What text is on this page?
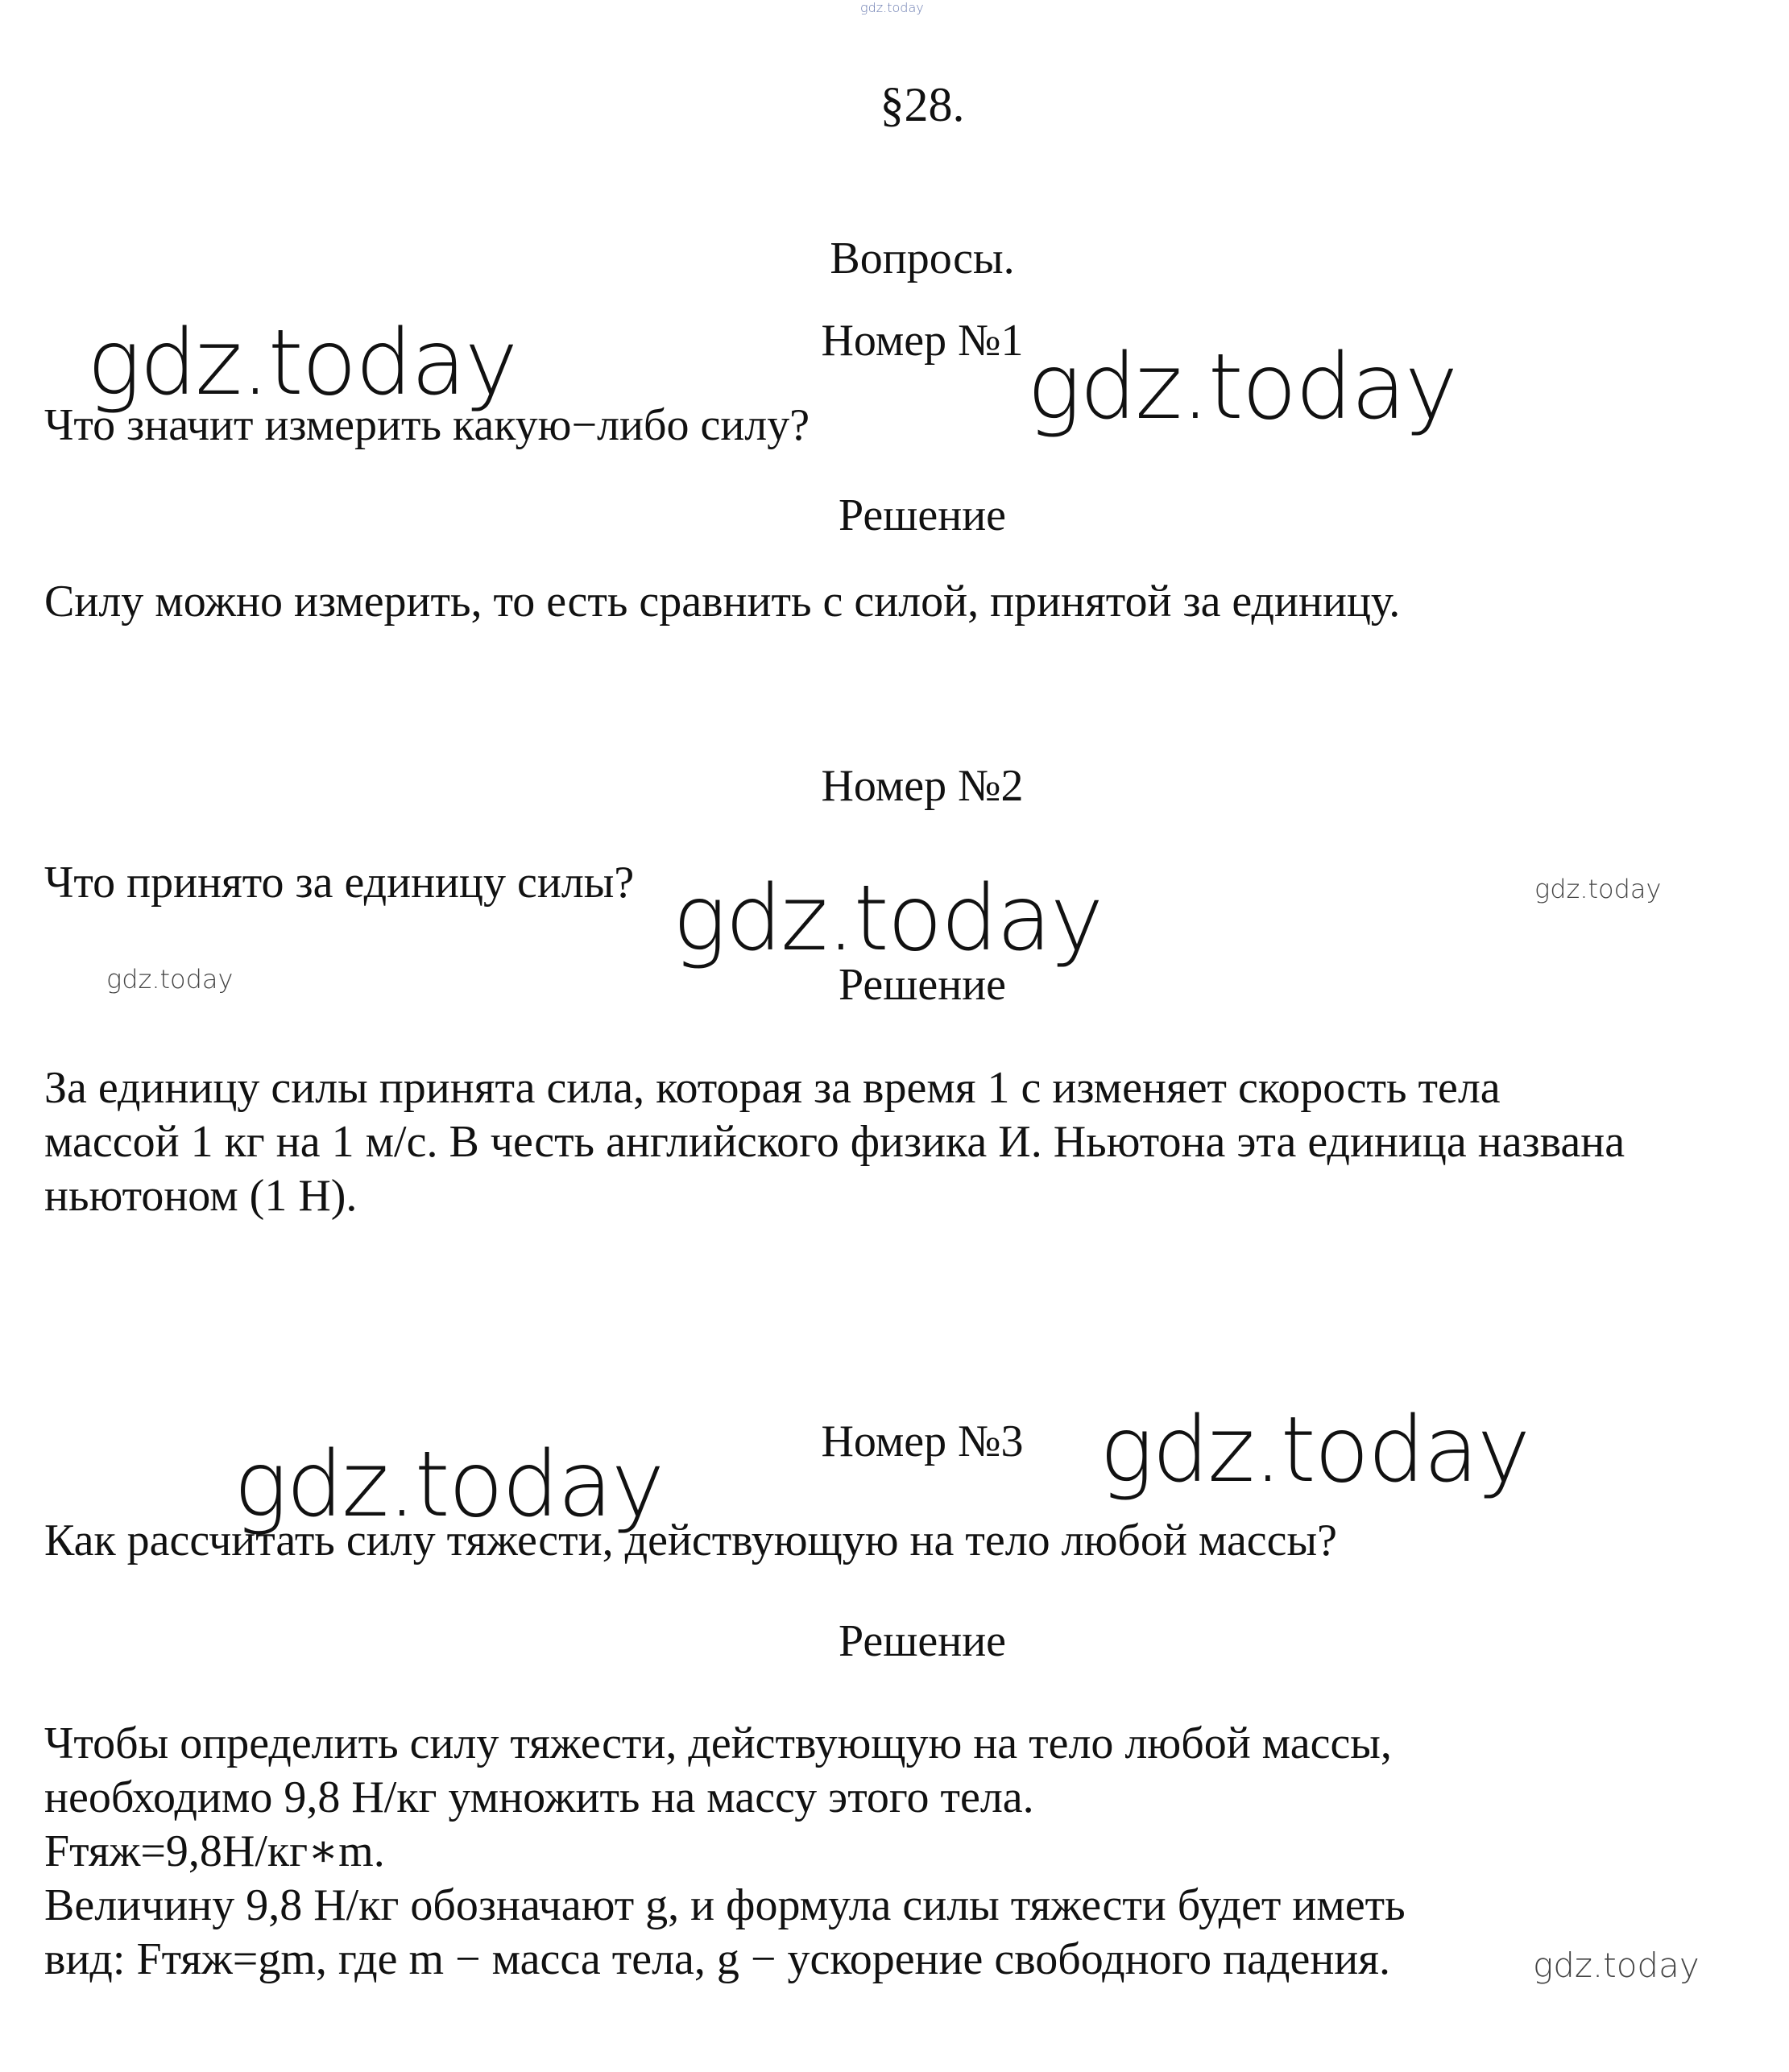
gdz.today
§28.
Вопросы.
Номер №1
gdz.today	gdz.today
Что значит измерить какую−либо силу?
Решение
Силу можно измерить, то есть сравнить с силой, принятой за единицу.
Номер №2
Что принято за единицу силы? gdz.today	gdz.today
gdz.today	Решение
За единицу силы принята сила, которая за время 1 с изменяет скорость тела
массой 1 кг на 1 м/с. В честь английского физика И. Ньютона эта единица названа
ньютоном (1 Н).
Номер №3 gdz.today
gdz.today
Как рассчитать силу тяжести, действующую на тело любой массы?
Решение
Чтобы определить силу тяжести, действующую на тело любой массы,
необходимо 9,8 Н/кг умножить на массу этого тела.
Fтяж=9,8Н/кг∗m.
Величину 9,8 Н/кг обозначают g, и формула силы тяжести будет иметь
вид: Fтяж=gm, где m − масса тела, g − ускорение свободного падения.	gdz.today
